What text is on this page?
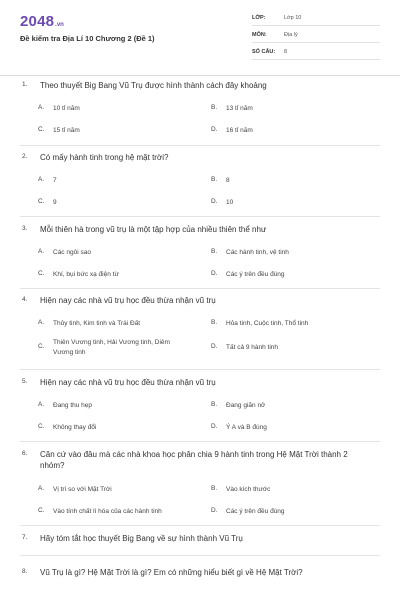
2048 .vn
Đề kiểm tra Địa Lí 10 Chương 2 (Đề 1)
LỚP:	Lớp 10
MÔN:	Địa lý
SỐ CÂU: 8
1. Theo thuyết Big Bang Vũ Trụ được hình thành cách đây khoảng
A. 10 tỉ năm	B. 13 tỉ năm
C. 15 tỉ năm	D. 16 tỉ năm
2. Có mấy hành tinh trong hệ mặt trời?
A. 7	B. 8
C. 9	D. 10
3. Mỗi thiên hà trong vũ trụ là một tập hợp của nhiều thiên thể như
A. Các ngôi sao	B. Các hành tinh, vệ tinh
C. Khí, bụi bức xạ điện từ	D. Các ý trên đều đúng
4. Hiện nay các nhà vũ trụ học đều thừa nhận vũ trụ
A. Thủy tinh, Kim tinh và Trái Đất	B. Hỏa tinh, Cuộc tinh, Thổ tinh
C.
Thiên Vương tinh, Hải Vương tinh, Diêm Vương tinh
D. Tất cả 9 hành tinh
5. Hiện nay các nhà vũ trụ học đều thừa nhận vũ trụ
A. Đang thu hẹp	B. Đang giãn nở
C. Không thay đổi	D. Ý A và B đúng
6. Căn cứ vào đâu mà các nhà khoa học phân chia 9 hành tinh trong Hệ Mặt Trời thành 2 nhóm?
A. Vị trí so với Mặt Trời	B. Vào kích thước
C. Vào tính chất lí hóa của các hành tinh	D. Các ý trên đều đúng
7. Hãy tóm tắt học thuyết Big Bang về sự hình thành Vũ Trụ
8. Vũ Trụ là gì? Hệ Mặt Trời là gì? Em có những hiểu biết gì về Hệ Mặt Trời?
